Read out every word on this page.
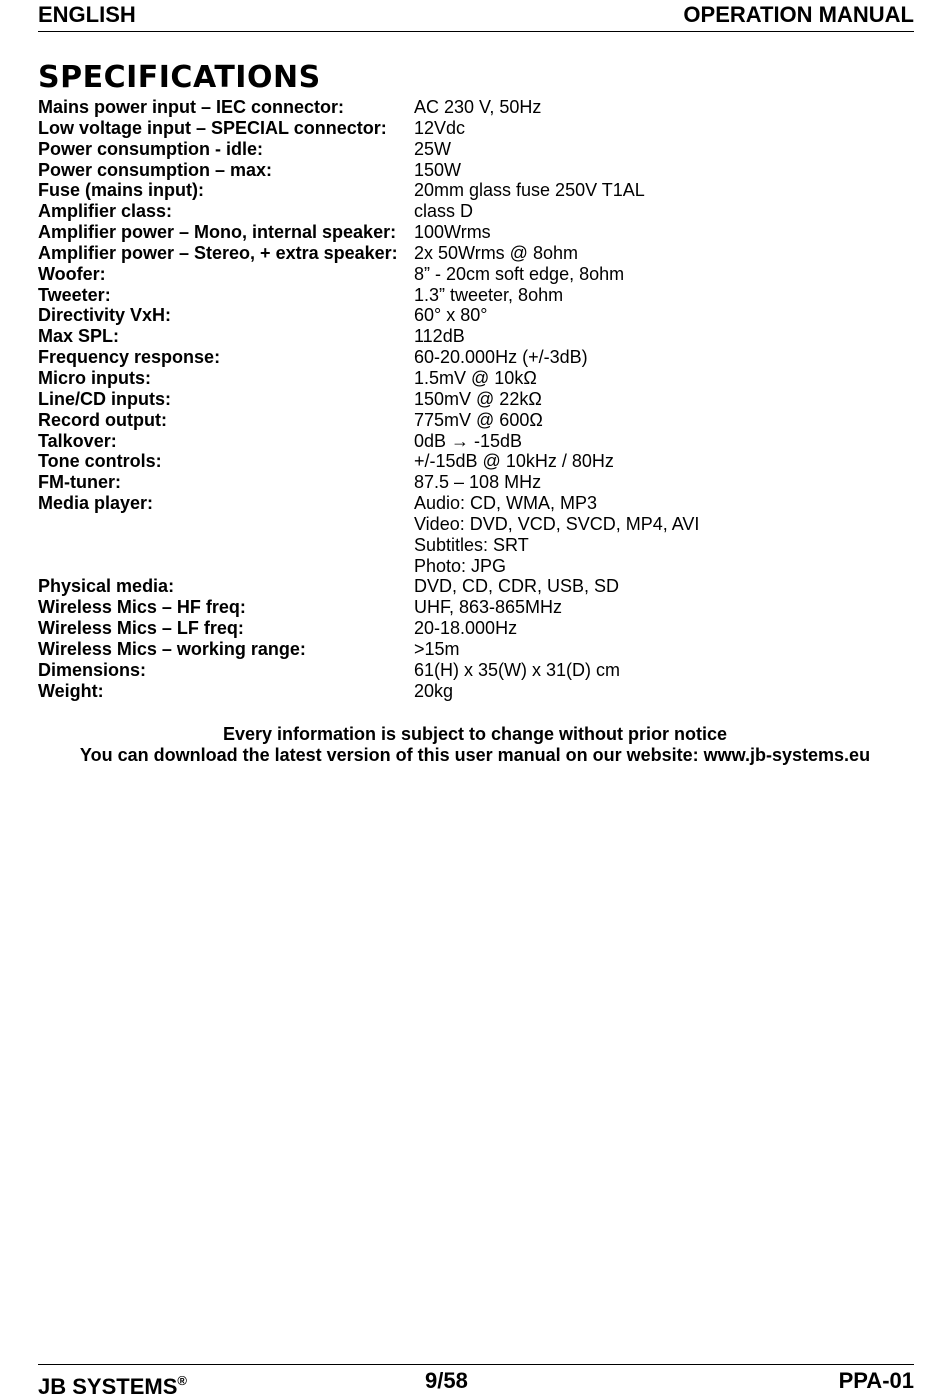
ENGLISH	OPERATION MANUAL
SPECIFICATIONS
Mains power input – IEC connector:	AC 230 V, 50Hz
Low voltage input – SPECIAL connector:	12Vdc
Power consumption - idle:	25W
Power consumption – max:	150W
Fuse (mains input):	20mm glass fuse 250V T1AL
Amplifier class:	class D
Amplifier power – Mono, internal speaker: 100Wrms
Amplifier power – Stereo, + extra speaker: 2x 50Wrms @ 8ohm
Woofer:	8” - 20cm soft edge, 8ohm
Tweeter:	1.3” tweeter, 8ohm
Directivity VxH:	60° x 80°
Max SPL:	112dB
Frequency response:	60-20.000Hz (+/-3dB)
Micro inputs:	1.5mV @ 10kΩ
Line/CD inputs:	150mV @ 22kΩ
Record output:	775mV @ 600Ω
Talkover:	0dB → -15dB
Tone controls:	+/-15dB @ 10kHz / 80Hz
FM-tuner:	87.5 – 108 MHz
Media player:	Audio: CD, WMA, MP3
Video: DVD, VCD, SVCD, MP4, AVI
Subtitles: SRT
Photo: JPG
Physical media:	DVD, CD, CDR, USB, SD
Wireless Mics – HF freq:	UHF, 863-865MHz
Wireless Mics – LF freq:	20-18.000Hz
Wireless Mics – working range:	>15m
Dimensions:	61(H) x 35(W) x 31(D) cm
Weight:	20kg
Every information is subject to change without prior notice
You can download the latest version of this user manual on our website: www.jb-systems.eu
JB SYSTEMS®	9/58	PPA-01
